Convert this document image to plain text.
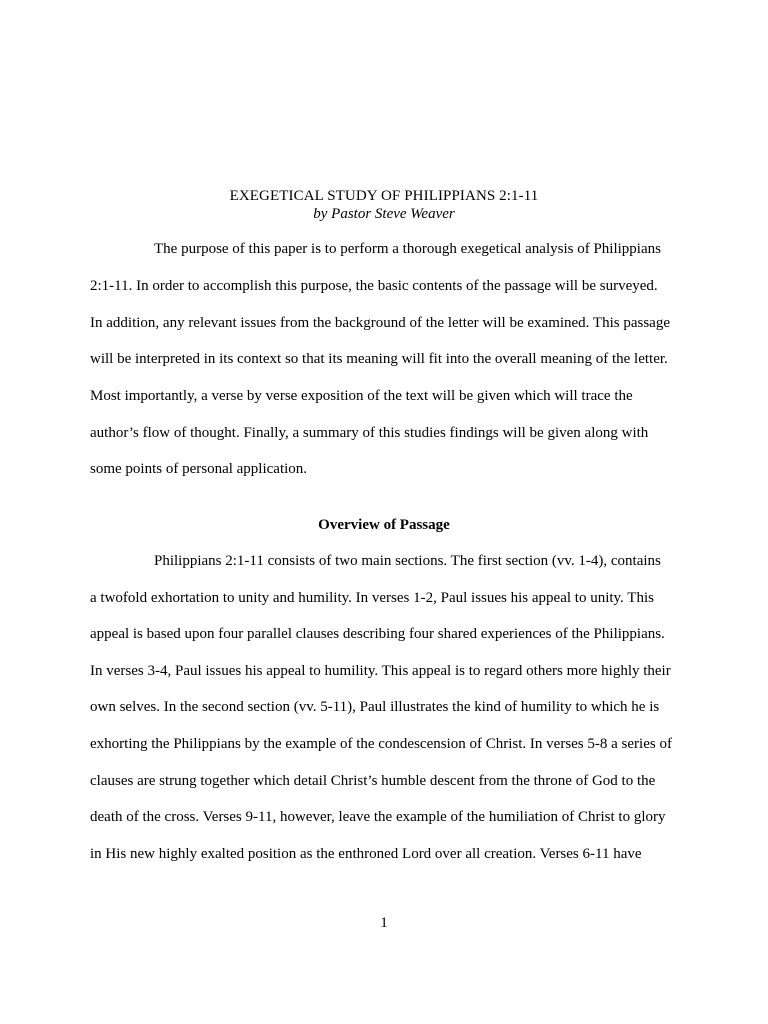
EXEGETICAL STUDY OF PHILIPPIANS 2:1-11
by Pastor Steve Weaver
The purpose of this paper is to perform a thorough exegetical analysis of Philippians
2:1-11. In order to accomplish this purpose, the basic contents of the passage will be surveyed.
In addition, any relevant issues from the background of the letter will be examined. This passage
will be interpreted in its context so that its meaning will fit into the overall meaning of the letter.
Most importantly, a verse by verse exposition of the text will be given which will trace the
author’s flow of thought. Finally, a summary of this studies findings will be given along with
some points of personal application.
Overview of Passage
Philippians 2:1-11 consists of two main sections. The first section (vv. 1-4), contains
a twofold exhortation to unity and humility. In verses 1-2, Paul issues his appeal to unity. This
appeal is based upon four parallel clauses describing four shared experiences of the Philippians.
In verses 3-4, Paul issues his appeal to humility. This appeal is to regard others more highly their
own selves. In the second section (vv. 5-11), Paul illustrates the kind of humility to which he is
exhorting the Philippians by the example of the condescension of Christ. In verses 5-8 a series of
clauses are strung together which detail Christ’s humble descent from the throne of God to the
death of the cross. Verses 9-11, however, leave the example of the humiliation of Christ to glory
in His new highly exalted position as the enthroned Lord over all creation. Verses 6-11 have
1
